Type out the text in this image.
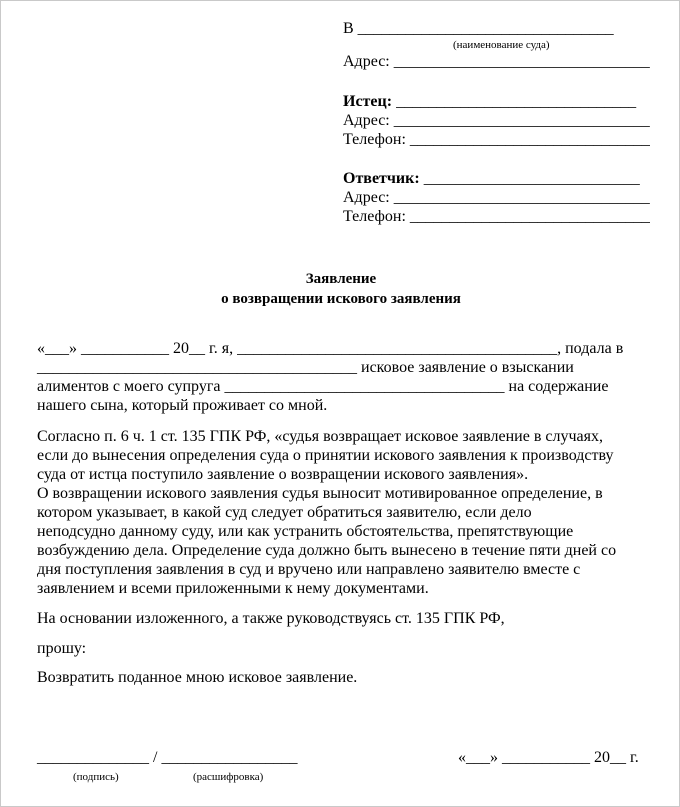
В ________________________________
(наименование суда)
Адрес: ________________________________
Истец: ______________________________
Адрес: ________________________________
Телефон: ______________________________
Ответчик: ___________________________
Адрес: ________________________________
Телефон: ______________________________
Заявление
о возвращении искового заявления
«___» ___________ 20__ г. я, ________________________________________, подала в
________________________________________ исковое заявление о взыскании
алиментов с моего супруга ___________________________________ на содержание
нашего сына, который проживает со мной.
Согласно п. 6 ч. 1 ст. 135 ГПК РФ, «судья возвращает исковое заявление в случаях,
если до вынесения определения суда о принятии искового заявления к производству
суда от истца поступило заявление о возвращении искового заявления».
О возвращении искового заявления судья выносит мотивированное определение, в
котором указывает, в какой суд следует обратиться заявителю, если дело
неподсудно данному суду, или как устранить обстоятельства, препятствующие
возбуждению дела. Определение суда должно быть вынесено в течение пяти дней со
дня поступления заявления в суд и вручено или направлено заявителю вместе с
заявлением и всеми приложенными к нему документами.
На основании изложенного, а также руководствуясь ст. 135 ГПК РФ,
прошу:
Возвратить поданное мною исковое заявление.
______________ / _________________
(подпись)	(расшифровка)
«___» ___________ 20__ г.
